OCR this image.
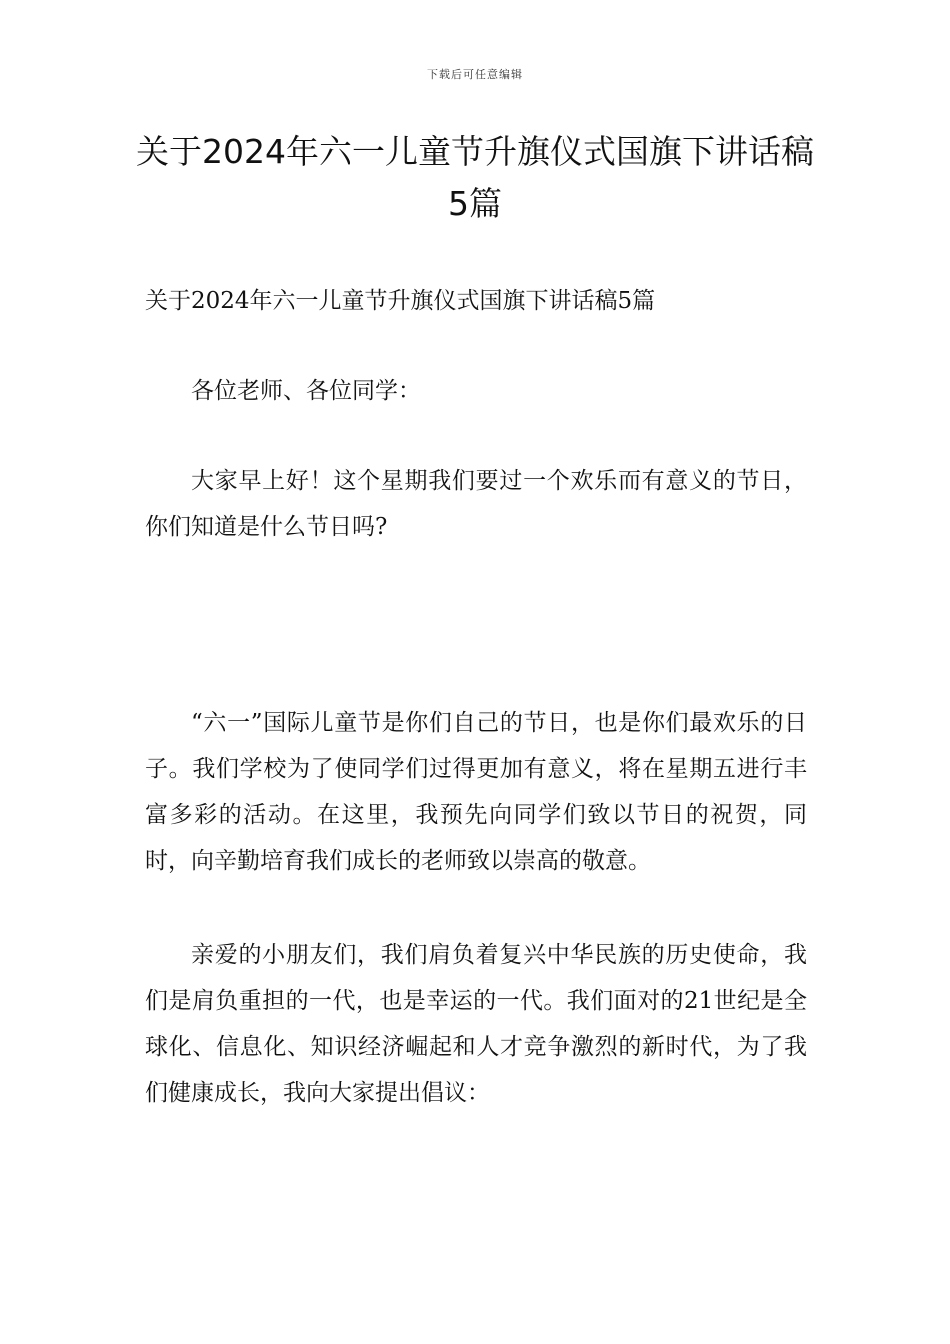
下载后可任意编辑
关于2024年六一儿童节升旗仪式国旗下讲话稿5篇

关于2024年六一儿童节升旗仪式国旗下讲话稿5篇

各位老师、各位同学：

大家早上好！这个星期我们要过一个欢乐而有意义的节日，你们知道是什么节日吗?

“六一”国际儿童节是你们自己的节日，也是你们最欢乐的日子。我们学校为了使同学们过得更加有意义，将在星期五进行丰富多彩的活动。在这里，我预先向同学们致以节日的祝贺，同时，向辛勤培育我们成长的老师致以崇高的敬意。

亲爱的小朋友们，我们肩负着复兴中华民族的历史使命，我们是肩负重担的一代，也是幸运的一代。我们面对的21世纪是全球化、信息化、知识经济崛起和人才竞争激烈的新时代，为了我们健康成长，我向大家提出倡议：
